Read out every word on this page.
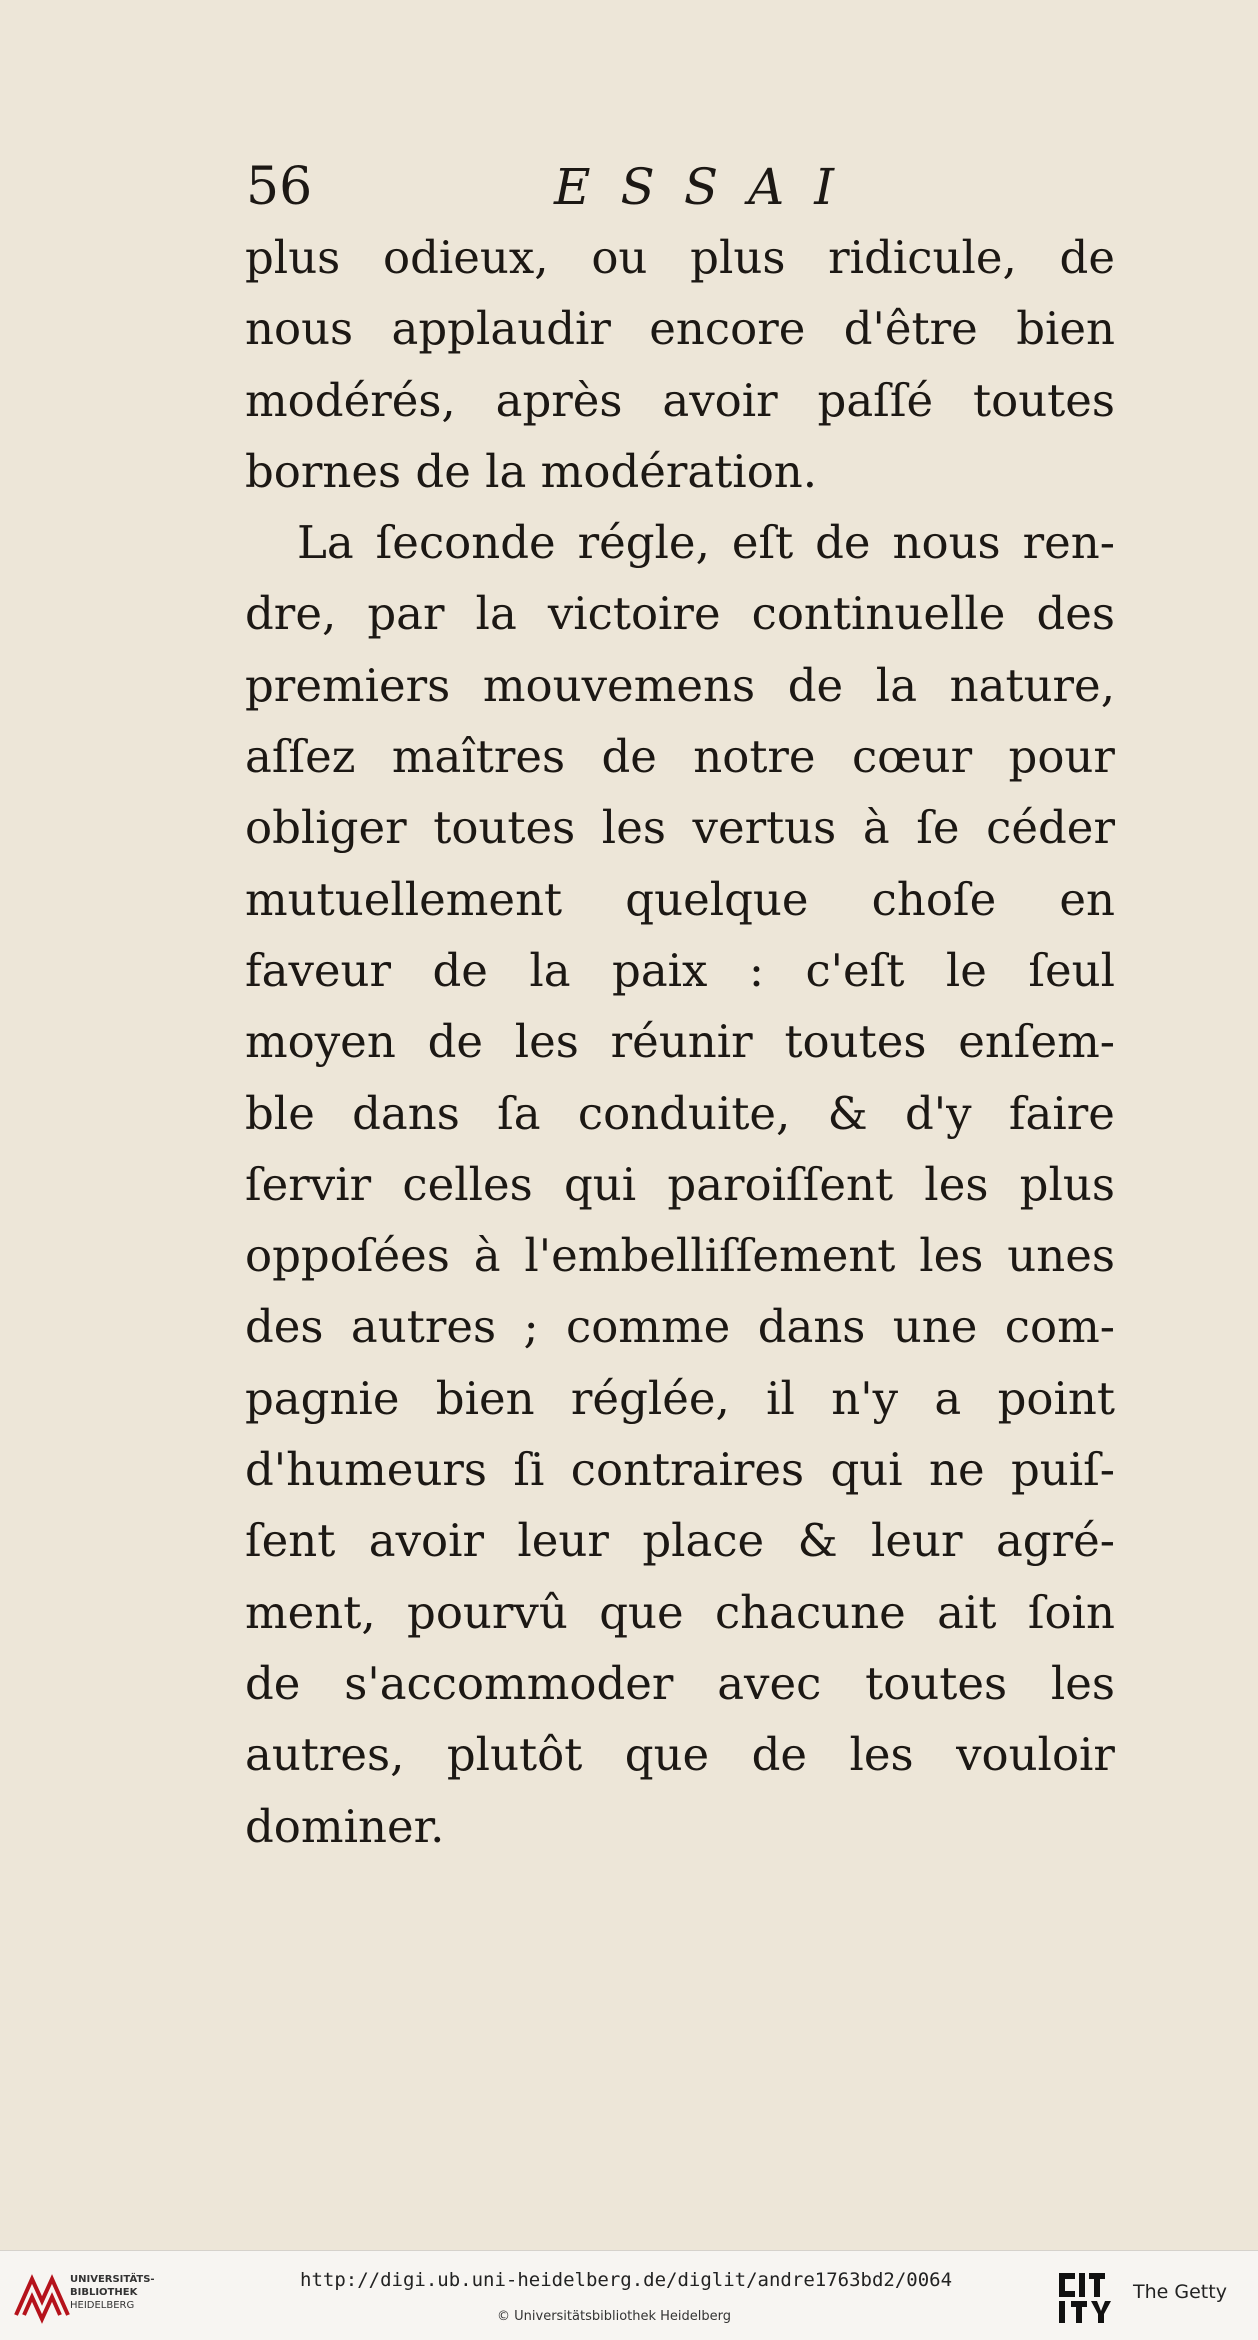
56	ESSAI
plus odieux, ou plus ridicule, de
nous applaudir encore d'être bien
modérés, après avoir paſſé toutes
bornes de la modération.
La ſeconde régle, eſt de nous ren-
dre, par la victoire continuelle des
premiers mouvemens de la nature,
aſſez maîtres de notre cœur pour
obliger toutes les vertus à ſe céder
mutuellement quelque choſe en
faveur de la paix : c'eſt le ſeul
moyen de les réunir toutes enſem-
ble dans ſa conduite, & d'y faire
ſervir celles qui paroiſſent les plus
oppoſées à l'embelliſſement les unes
des autres ; comme dans une com-
pagnie bien réglée, il n'y a point
d'humeurs ſi contraires qui ne puiſ-
ſent avoir leur place & leur agré-
ment, pourvû que chacune ait ſoin
de s'accommoder avec toutes les
autres, plutôt que de les vouloir
dominer.
UNIVERSITÄTS-
BIBLIOTHEK
HEIDELBERG
http://digi.ub.uni-heidelberg.de/diglit/andre1763bd2/0064
© Universitätsbibliothek Heidelberg
The Getty
